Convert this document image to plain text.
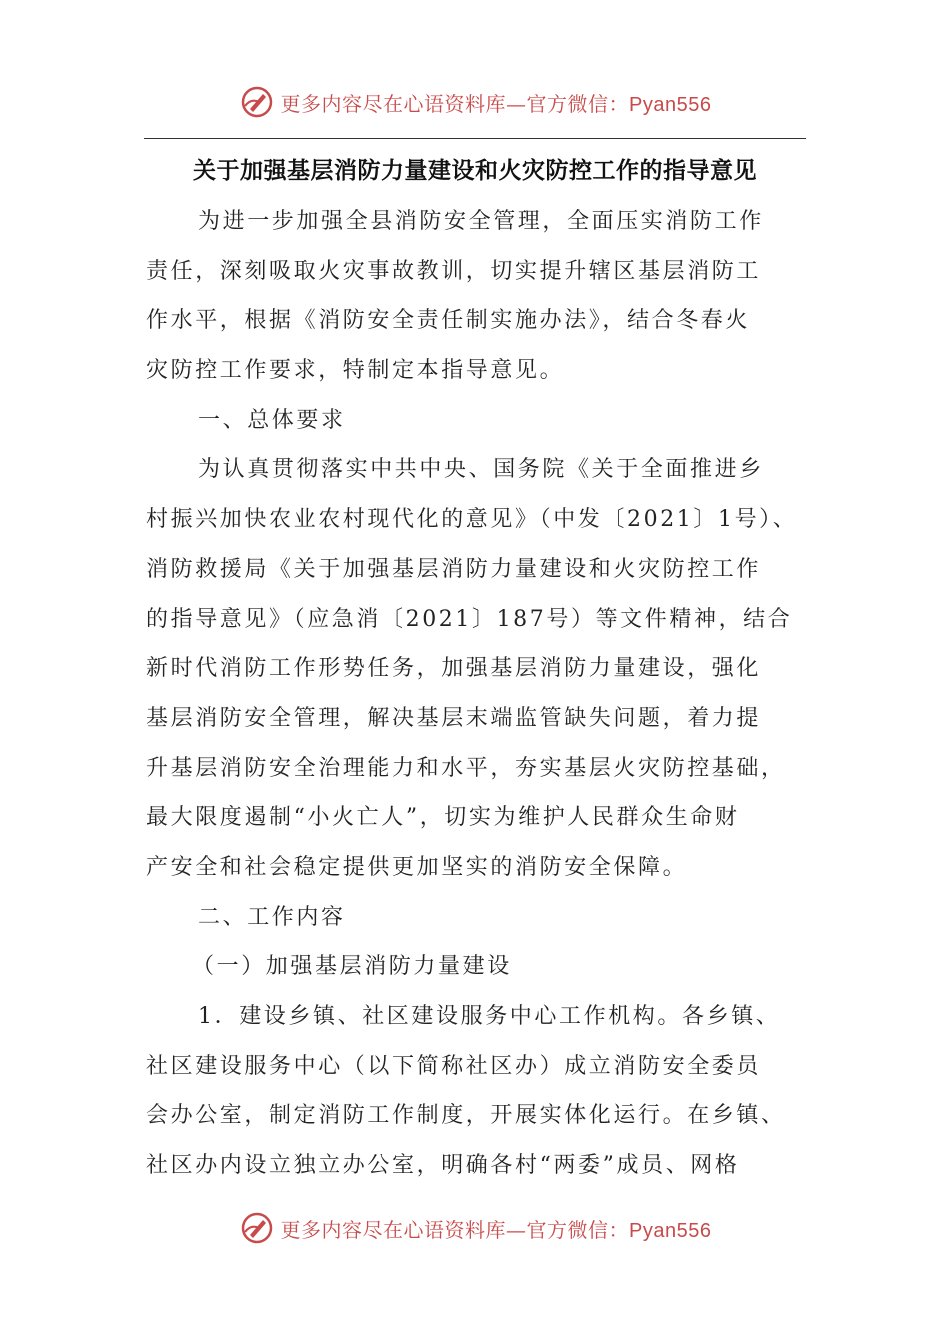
更多内容尽在心语资料库—官方微信：Pyan556
关于加强基层消防力量建设和火灾防控工作的指导意见
为进一步加强全县消防安全管理，全面压实消防工作
责任，深刻吸取火灾事故教训，切实提升辖区基层消防工
作水平，根据《消防安全责任制实施办法》，结合冬春火
灾防控工作要求，特制定本指导意见。
一、总体要求
为认真贯彻落实中共中央、国务院《关于全面推进乡
村振兴加快农业农村现代化的意见》（中发〔2021〕1号）、
消防救援局《关于加强基层消防力量建设和火灾防控工作
的指导意见》（应急消〔2021〕187号）等文件精神，结合
新时代消防工作形势任务，加强基层消防力量建设，强化
基层消防安全管理，解决基层末端监管缺失问题，着力提
升基层消防安全治理能力和水平，夯实基层火灾防控基础，
最大限度遏制“小火亡人”，切实为维护人民群众生命财
产安全和社会稳定提供更加坚实的消防安全保障。
二、工作内容
（一）加强基层消防力量建设
1．建设乡镇、社区建设服务中心工作机构。各乡镇、
社区建设服务中心（以下简称社区办）成立消防安全委员
会办公室，制定消防工作制度，开展实体化运行。在乡镇、
社区办内设立独立办公室，明确各村“两委”成员、网格
更多内容尽在心语资料库—官方微信：Pyan556
